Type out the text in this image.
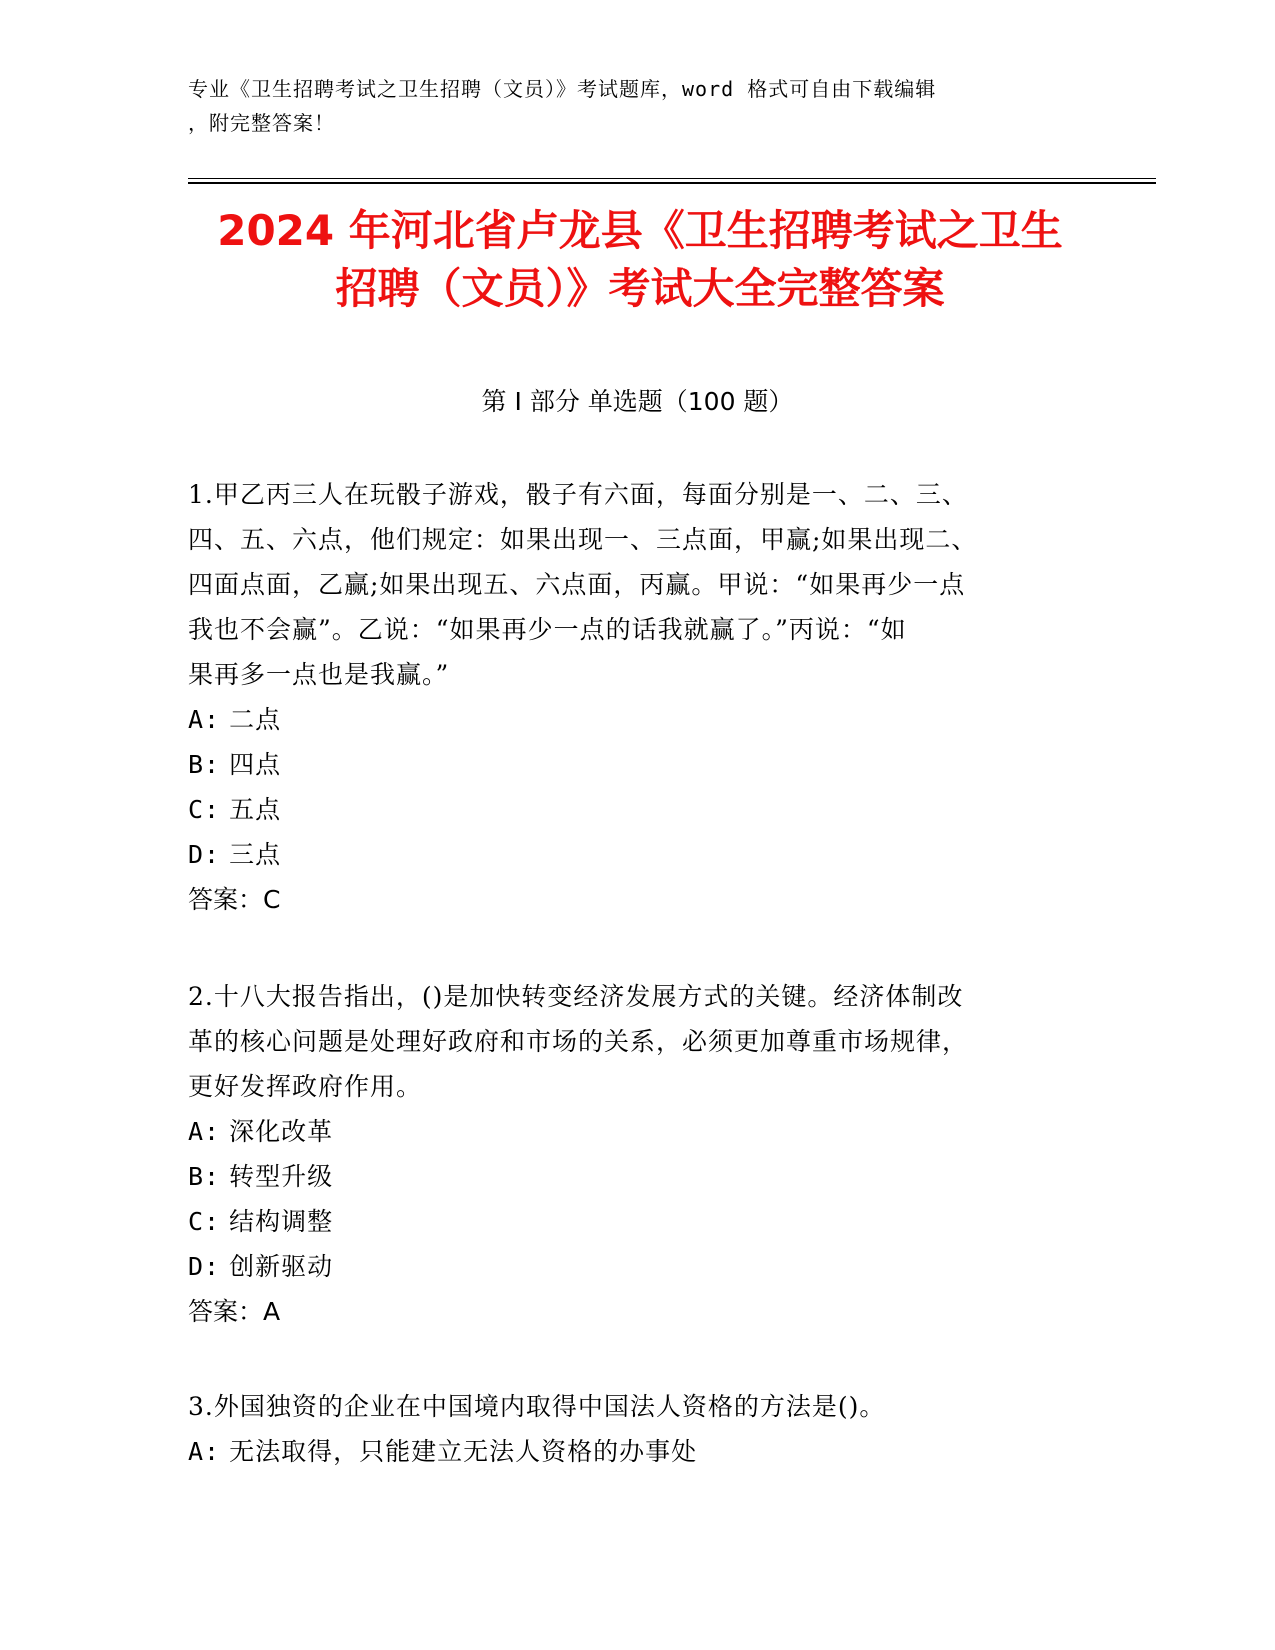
专业《卫生招聘考试之卫生招聘（文员）》考试题库，word 格式可自由下载编辑
，附完整答案！
2024 年河北省卢龙县《卫生招聘考试之卫生
招聘（文员）》考试大全完整答案
第 I 部分 单选题（100 题）

1.甲乙丙三人在玩骰子游戏，骰子有六面，每面分别是一、二、三、

四、五、六点，他们规定：如果出现一、三点面，甲赢;如果出现二、

四面点面，乙赢;如果出现五、六点面，丙赢。甲说：“如果再少一点

我也不会赢”。乙说：“如果再少一点的话我就赢了。”丙说：“如

果再多一点也是我赢。”

A: 二点

B: 四点

C: 五点

D: 三点

答案：C

2.十八大报告指出，()是加快转变经济发展方式的关键。经济体制改

革的核心问题是处理好政府和市场的关系，必须更加尊重市场规律，

更好发挥政府作用。

A: 深化改革

B: 转型升级

C: 结构调整

D: 创新驱动

答案：A

3.外国独资的企业在中国境内取得中国法人资格的方法是()。

A: 无法取得，只能建立无法人资格的办事处
